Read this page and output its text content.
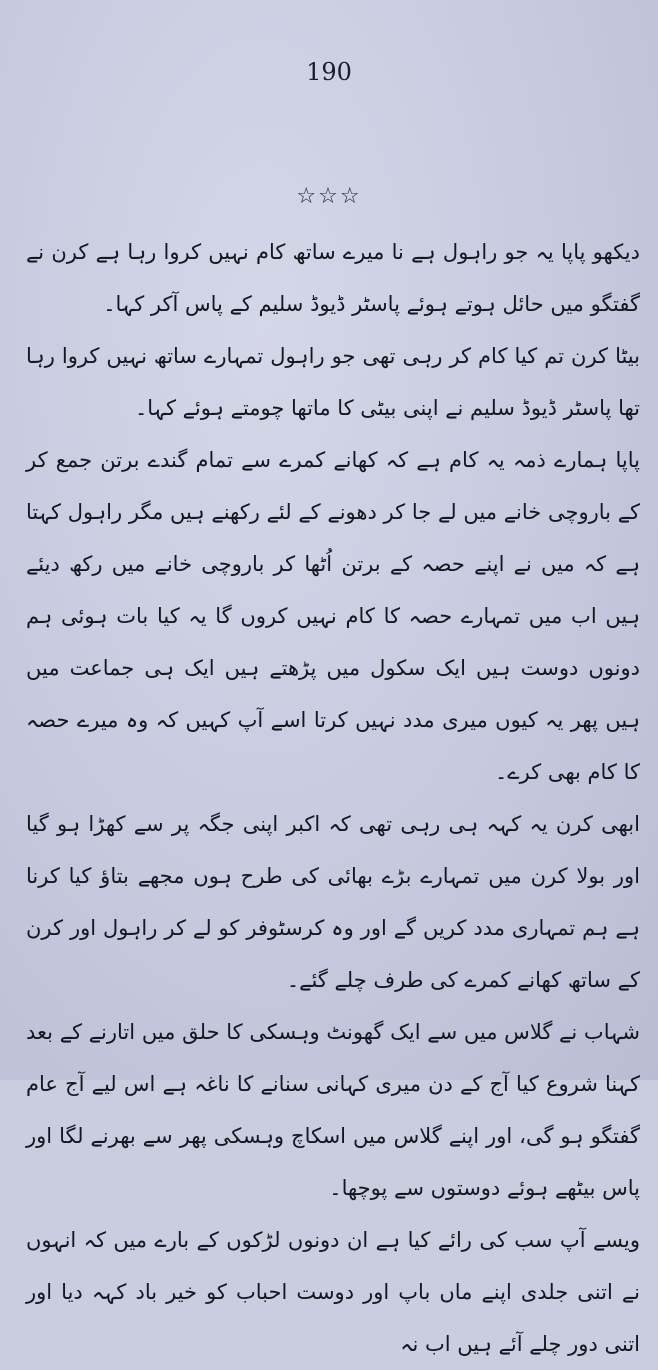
190
☆☆☆

دیکھو پاپا یہ جو راہول ہے نا میرے ساتھ کام نہیں کروا رہا ہے کرن نے گفتگو میں حائل ہوتے ہوئے پاسٹر ڈیوڈ سلیم کے پاس آکر کہا۔

بیٹا کرن تم کیا کام کر رہی تھی جو راہول تمہارے ساتھ نہیں کروا رہا تھا پاسٹر ڈیوڈ سلیم نے اپنی بیٹی کا ماتھا چومتے ہوئے کہا۔

پاپا ہمارے ذمہ یہ کام ہے کہ کھانے کمرے سے تمام گندے برتن جمع کر کے باروچی خانے میں لے جا کر دھونے کے لئے رکھنے ہیں مگر راہول کہتا ہے کہ میں نے اپنے حصہ کے برتن اُٹھا کر باروچی خانے میں رکھ دیئے ہیں اب میں تمہارے حصہ کا کام نہیں کروں گا یہ کیا بات ہوئی ہم دونوں دوست ہیں ایک سکول میں پڑھتے ہیں ایک ہی جماعت میں ہیں پھر یہ کیوں میری مدد نہیں کرتا اسے آپ کہیں کہ وہ میرے حصہ کا کام بھی کرے۔

ابھی کرن یہ کہہ ہی رہی تھی کہ اکبر اپنی جگہ پر سے کھڑا ہو گیا اور بولا کرن میں تمہارے بڑے بھائی کی طرح ہوں مجھے بتاؤ کیا کرنا ہے ہم تمہاری مدد کریں گے اور وہ کرسٹوفر کو لے کر راہول اور کرن کے ساتھ کھانے کمرے کی طرف چلے گئے۔

شہاب نے گلاس میں سے ایک گھونٹ وہسکی کا حلق میں اتارنے کے بعد کہنا شروع کیا آج کے دن میری کہانی سنانے کا ناغہ ہے اس لیے آج عام گفتگو ہو گی، اور اپنے گلاس میں اسکاچ وہسکی پھر سے بھرنے لگا اور پاس بیٹھے ہوئے دوستوں سے پوچھا۔

ویسے آپ سب کی رائے کیا ہے ان دونوں لڑکوں کے بارے میں کہ انہوں نے اتنی جلدی اپنے ماں باپ اور دوست احباب کو خیر باد کہہ دیا اور اتنی دور چلے آئے ہیں اب نہ
